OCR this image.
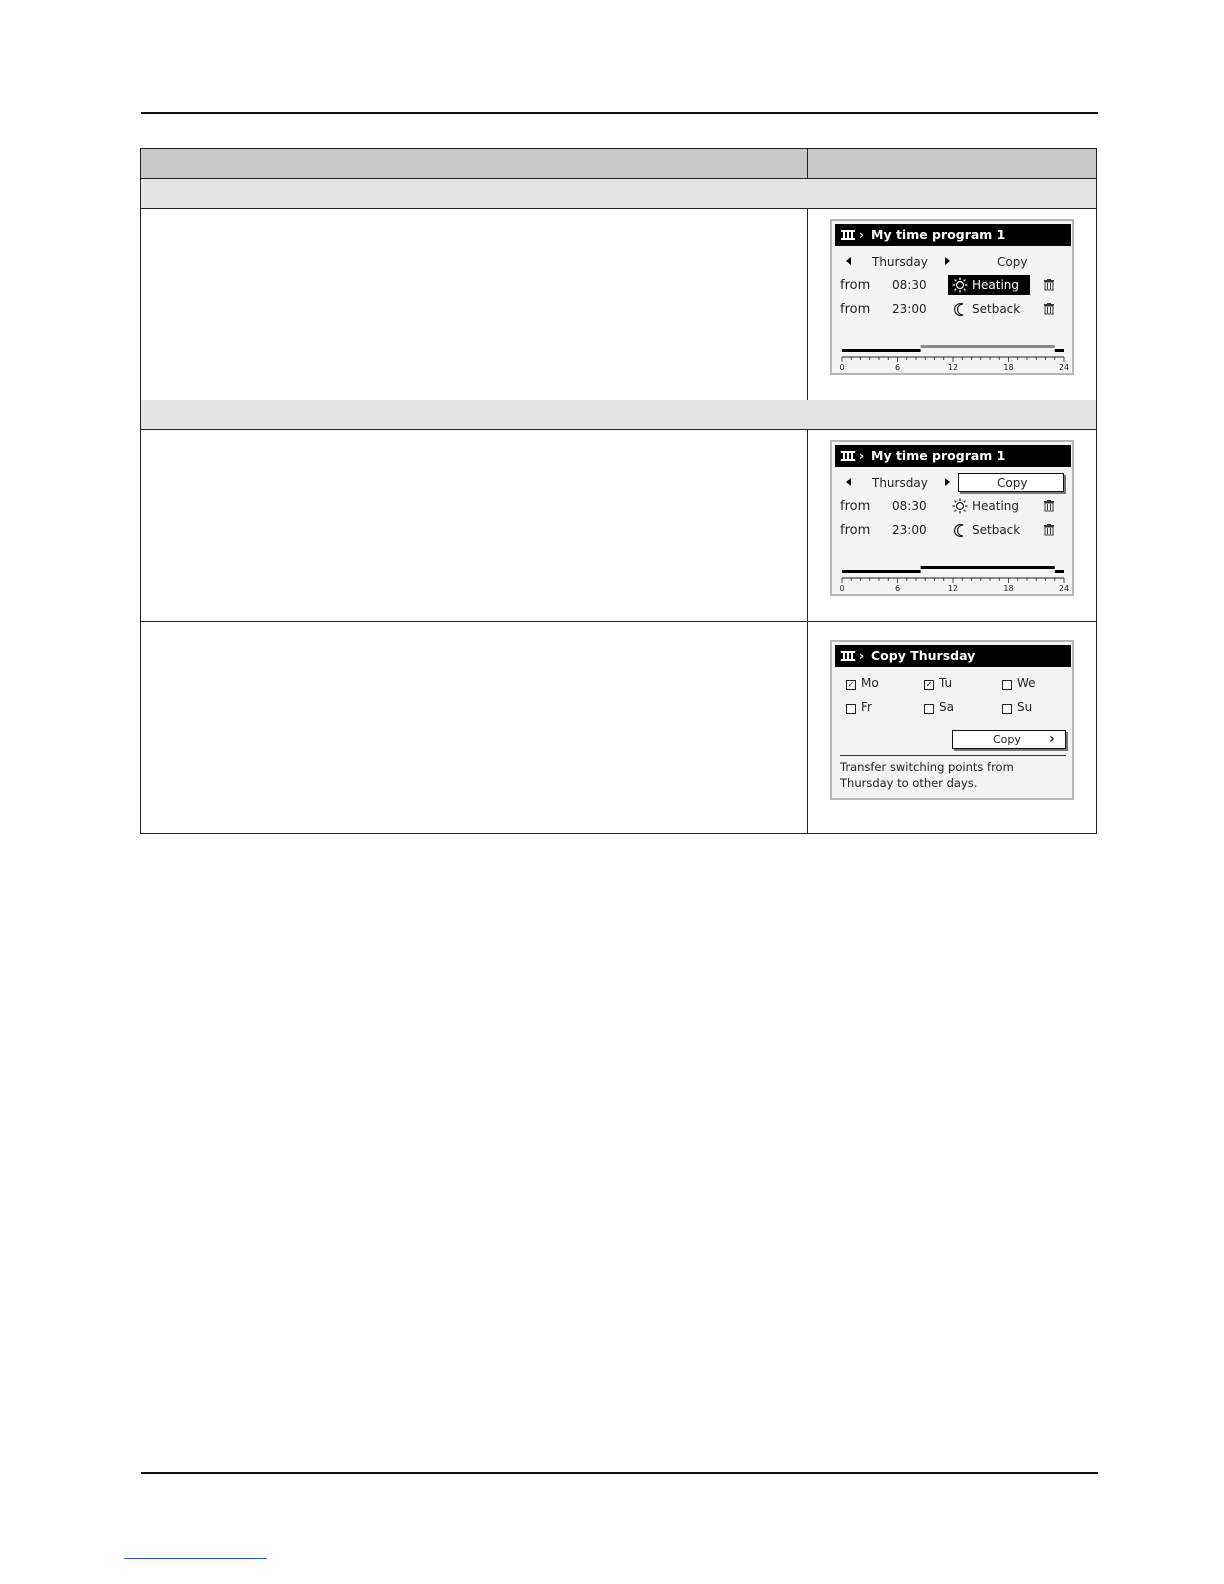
› My time program 1
Thursday	Copy
from 08:30	Heating
from 23:00	Setback
0	6	12	18	24
› My time program 1
Thursday	Copy
from 08:30	Heating
from 23:00	Setback
0	6	12	18	24
› Copy Thursday
✓ Mo	✓ Tu	We
Fr	Sa	Su
Copy ›
Transfer switching points from
Thursday to other days.
